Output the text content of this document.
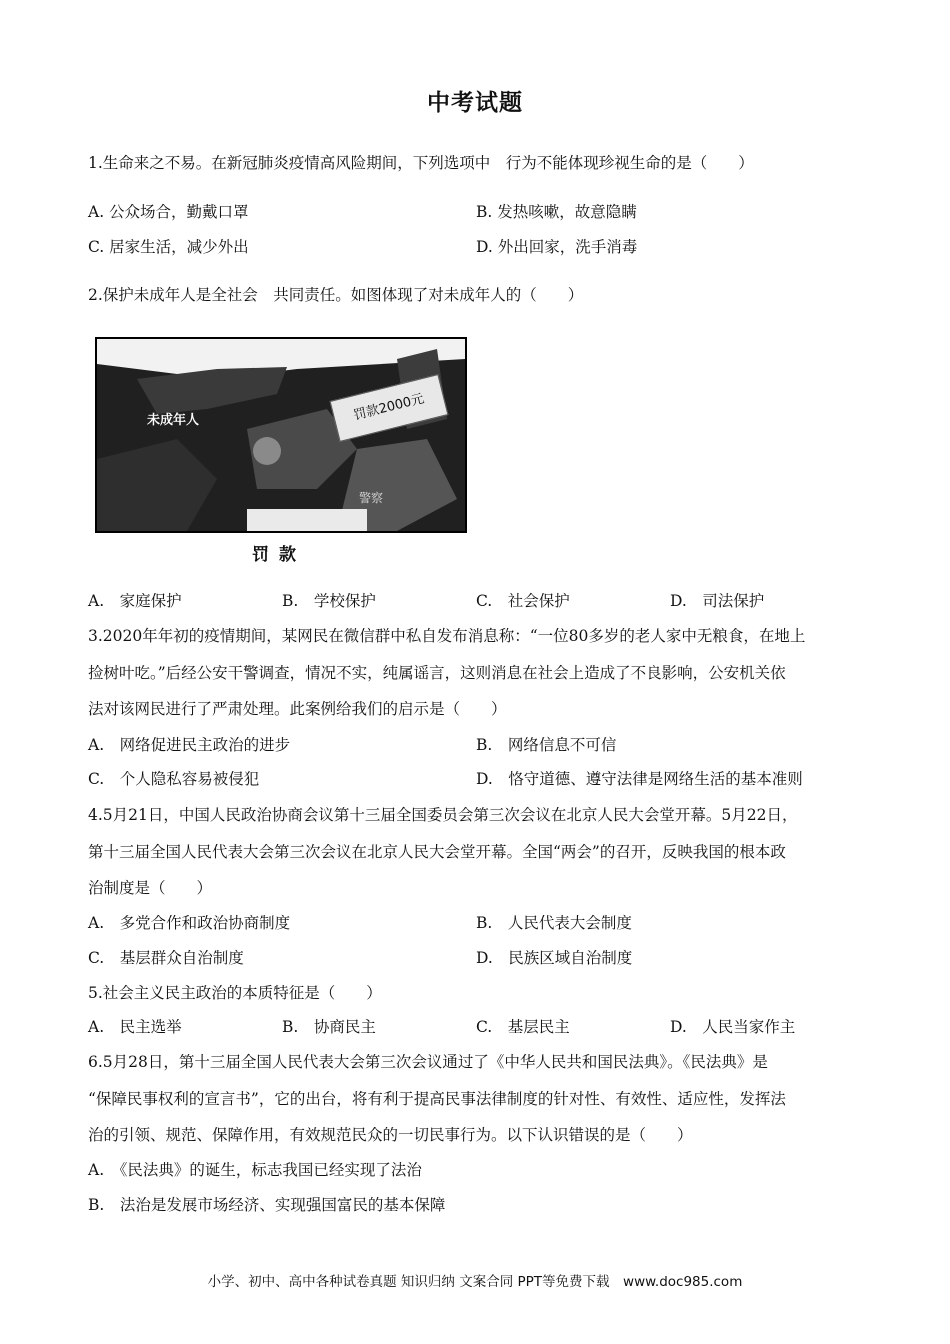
中考试题
1.生命来之不易。在新冠肺炎疫情高风险期间，下列选项中　行为不能体现珍视生命的是（　　）
A. 公众场合，勤戴口罩	B. 发热咳嗽，故意隐瞒
C. 居家生活，减少外出	D. 外出回家，洗手消毒
2.保护未成年人是全社会　共同责任。如图体现了对未成年人的（　　）
罚款2000元
未成年人
警察
罚款
A.　家庭保护	B.　学校保护	C.　社会保护	D.　司法保护
3.2020年年初的疫情期间，某网民在微信群中私自发布消息称：“一位80多岁的老人家中无粮食，在地上
捡树叶吃。”后经公安干警调查，情况不实，纯属谣言，这则消息在社会上造成了不良影响，公安机关依
法对该网民进行了严肃处理。此案例给我们的启示是（　　）
A.　网络促进民主政治的进步	B.　网络信息不可信
C.　个人隐私容易被侵犯	D.　恪守道德、遵守法律是网络生活的基本准则
4.5月21日，中国人民政治协商会议第十三届全国委员会第三次会议在北京人民大会堂开幕。5月22日，
第十三届全国人民代表大会第三次会议在北京人民大会堂开幕。全国“两会”的召开，反映我国的根本政
治制度是（　　）
A.　多党合作和政治协商制度	B.　人民代表大会制度
C.　基层群众自治制度	D.　民族区域自治制度
5.社会主义民主政治的本质特征是（　　）
A.　民主选举	B.　协商民主	C.　基层民主	D.　人民当家作主
6.5月28日，第十三届全国人民代表大会第三次会议通过了《中华人民共和国民法典》。《民法典》是
“保障民事权利的宣言书”，它的出台，将有利于提高民事法律制度的针对性、有效性、适应性，发挥法
治的引领、规范、保障作用，有效规范民众的一切民事行为。以下认识错误的是（　　）
A.　《民法典》的诞生，标志我国已经实现了法治
B.　法治是发展市场经济、实现强国富民的基本保障
小学、初中、高中各种试卷真题 知识归纳 文案合同 PPT等免费下载　www.doc985.com
